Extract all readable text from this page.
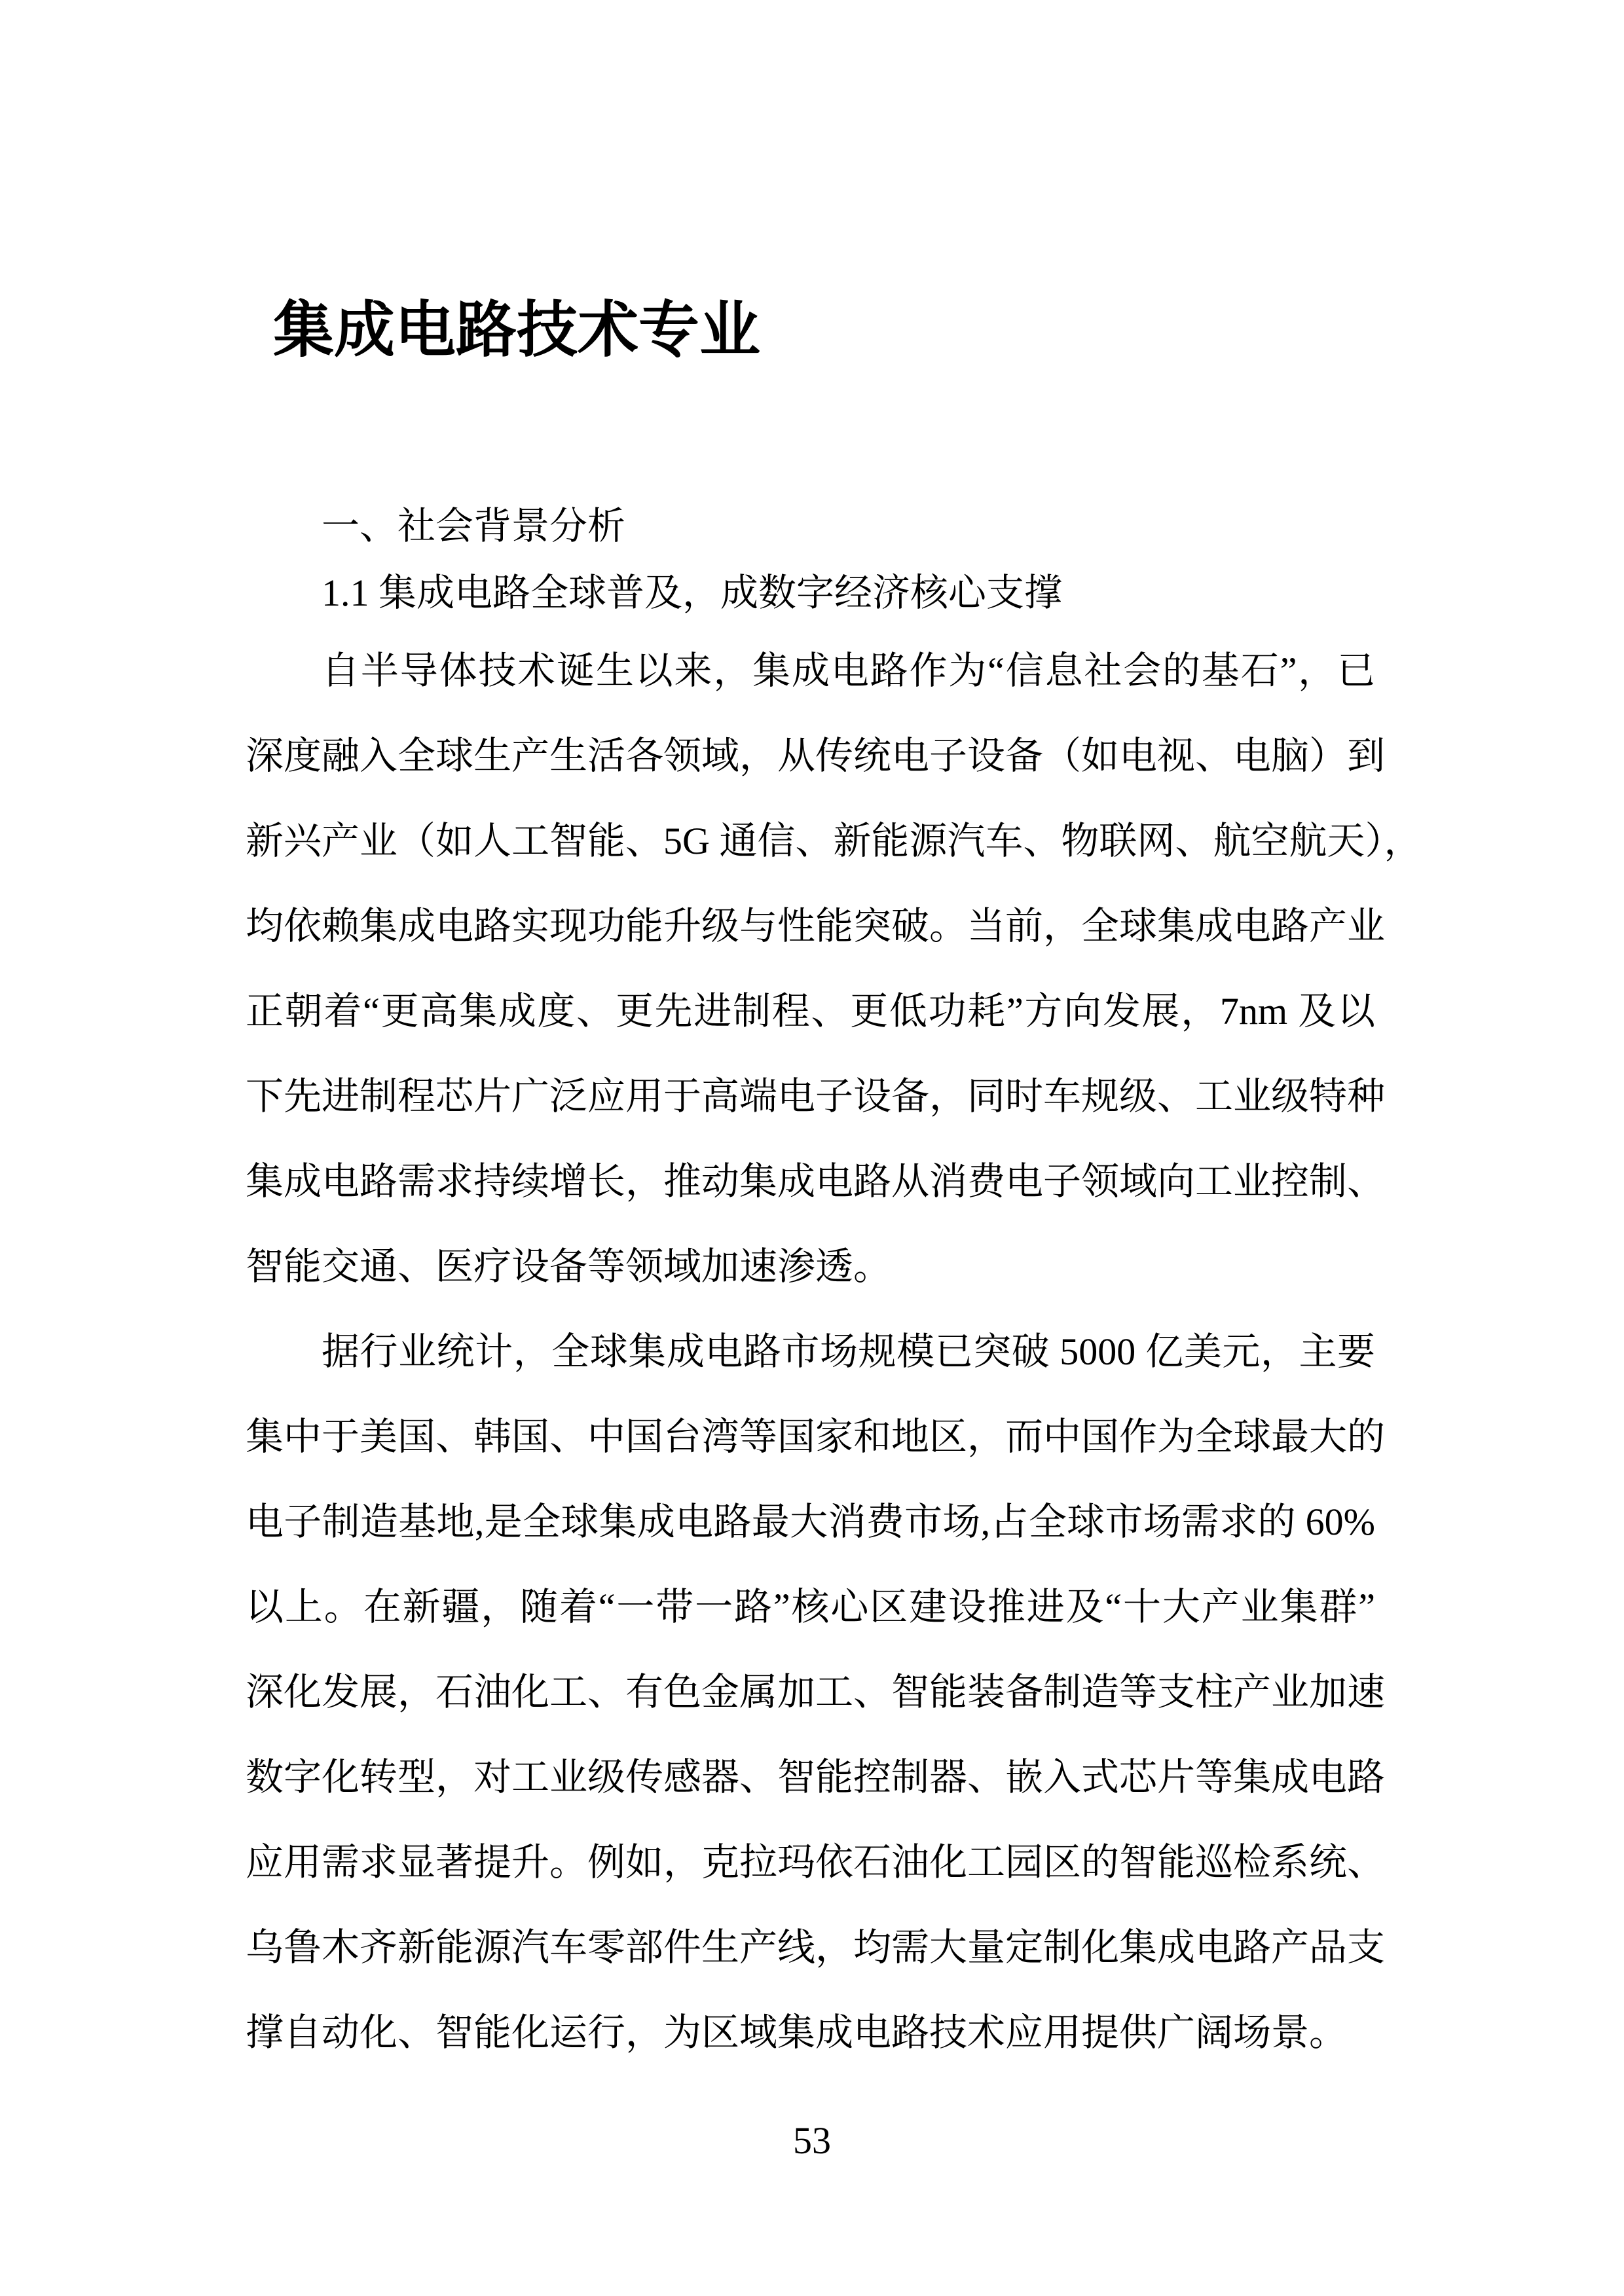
集成电路技术专业
一、社会背景分析
1.1 集成电路全球普及，成数字经济核心支撑
自半导体技术诞生以来，集成电路作为“信息社会的基石”，已
深度融入全球生产生活各领域，从传统电子设备（如电视、电脑）到
新兴产业（如人工智能、5G 通信、新能源汽车、物联网、航空航天），
均依赖集成电路实现功能升级与性能突破。当前，全球集成电路产业
正朝着“更高集成度、更先进制程、更低功耗”方向发展，7nm 及以
下先进制程芯片广泛应用于高端电子设备，同时车规级、工业级特种
集成电路需求持续增长，推动集成电路从消费电子领域向工业控制、
智能交通、医疗设备等领域加速渗透。
据行业统计，全球集成电路市场规模已突破 5000 亿美元，主要
集中于美国、韩国、中国台湾等国家和地区，而中国作为全球最大的
电子制造基地,是全球集成电路最大消费市场,占全球市场需求的 60%
以上。在新疆，随着“一带一路”核心区建设推进及“十大产业集群”
深化发展，石油化工、有色金属加工、智能装备制造等支柱产业加速
数字化转型，对工业级传感器、智能控制器、嵌入式芯片等集成电路
应用需求显著提升。例如，克拉玛依石油化工园区的智能巡检系统、
乌鲁木齐新能源汽车零部件生产线，均需大量定制化集成电路产品支
撑自动化、智能化运行，为区域集成电路技术应用提供广阔场景。
53
